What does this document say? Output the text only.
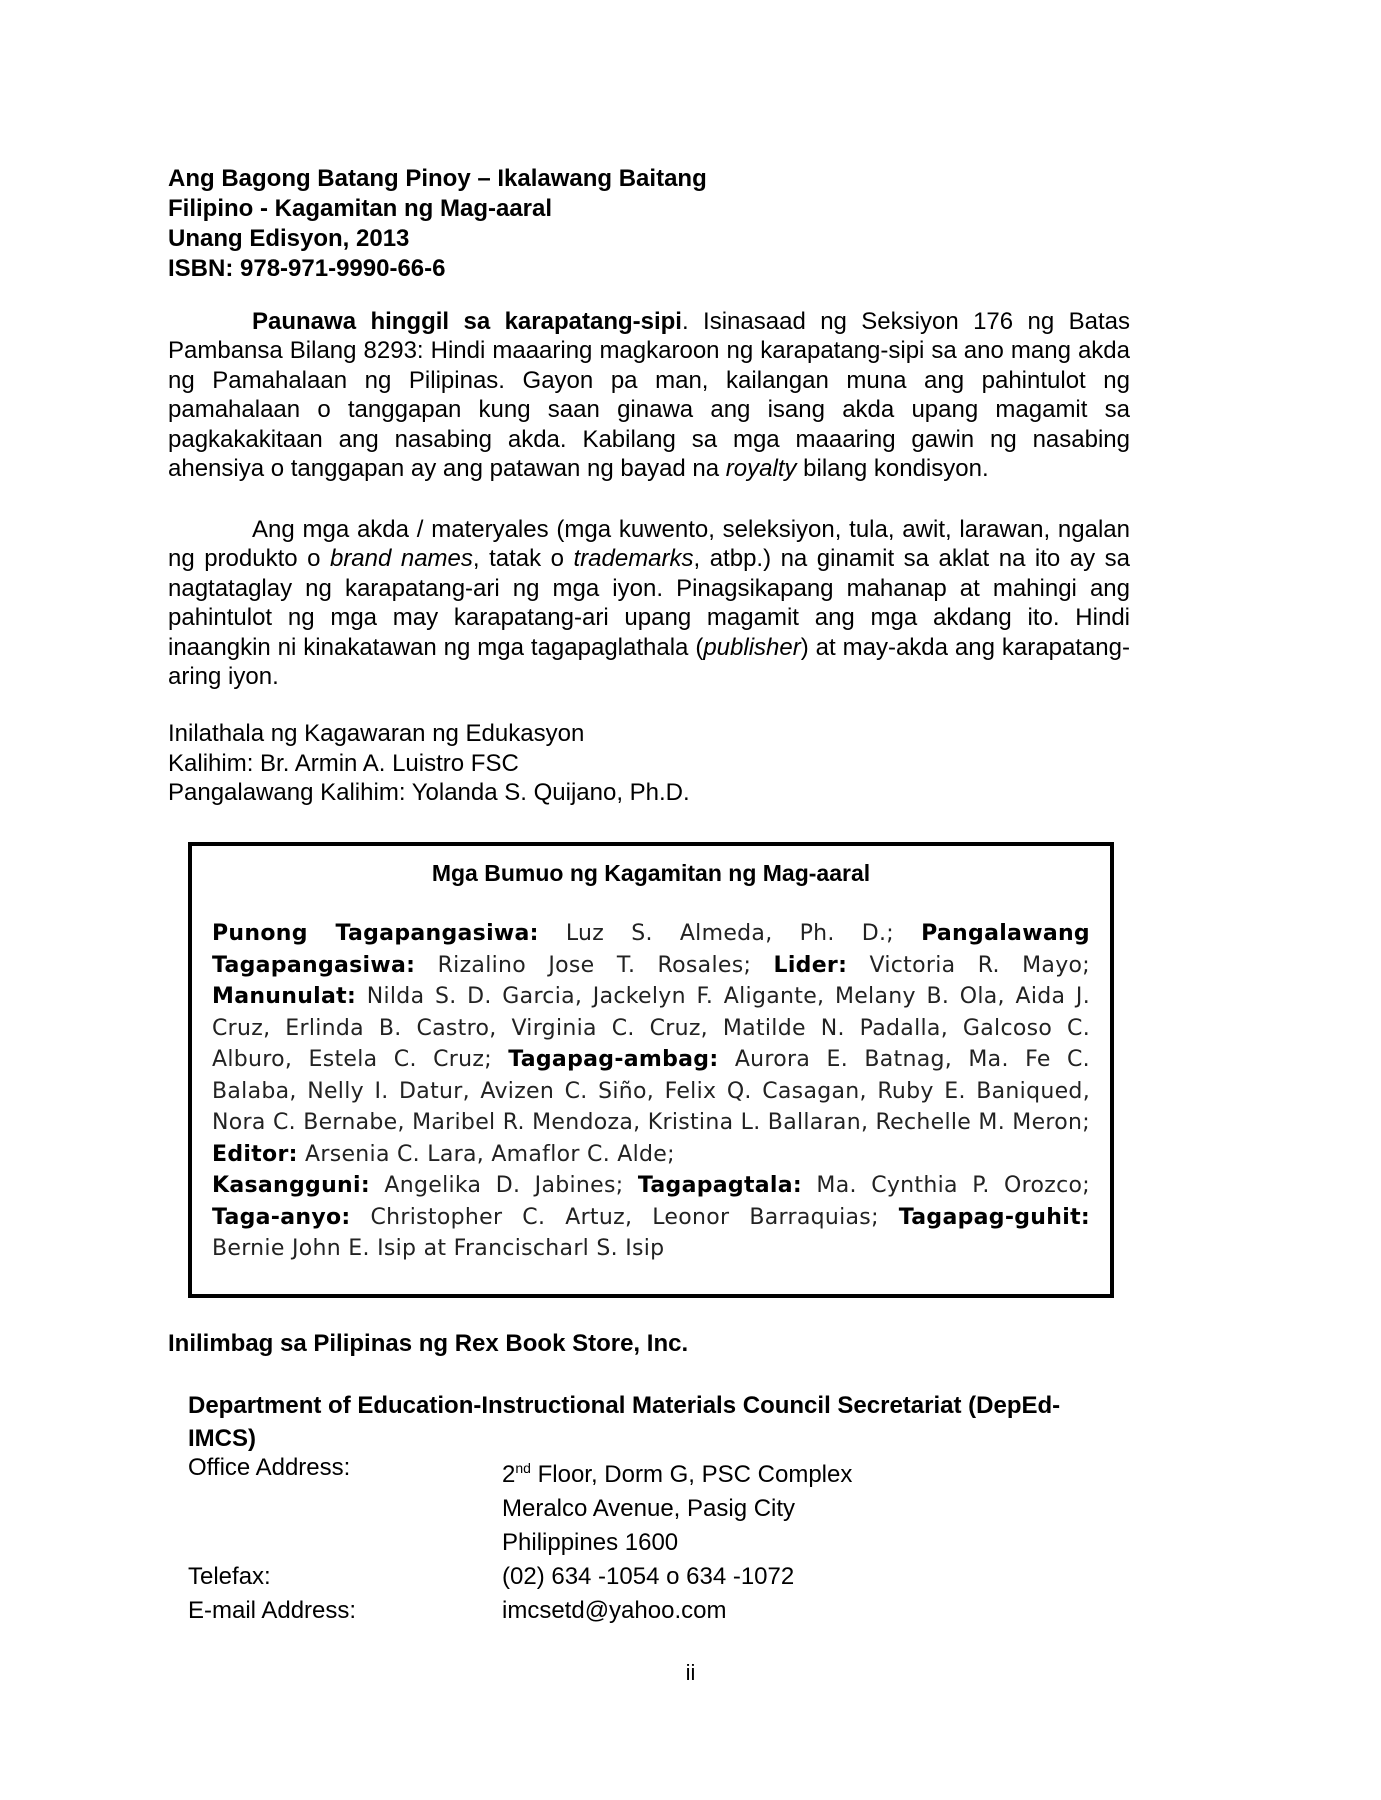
Ang Bagong Batang Pinoy – Ikalawang Baitang
Filipino - Kagamitan ng Mag-aaral
Unang Edisyon, 2013
ISBN: 978-971-9990-66-6
Paunawa hinggil sa karapatang-sipi. Isinasaad ng Seksiyon 176 ng Batas Pambansa Bilang 8293: Hindi maaaring magkaroon ng karapatang-sipi sa ano mang akda ng Pamahalaan ng Pilipinas. Gayon pa man, kailangan muna ang pahintulot ng pamahalaan o tanggapan kung saan ginawa ang isang akda upang magamit sa pagkakakitaan ang nasabing akda. Kabilang sa mga maaaring gawin ng nasabing ahensiya o tanggapan ay ang patawan ng bayad na royalty bilang kondisyon.
Ang mga akda / materyales (mga kuwento, seleksiyon, tula, awit, larawan, ngalan ng produkto o brand names, tatak o trademarks, atbp.) na ginamit sa aklat na ito ay sa nagtataglay ng karapatang-ari ng mga iyon. Pinagsikapang mahanap at mahingi ang pahintulot ng mga may karapatang-ari upang magamit ang mga akdang ito. Hindi inaangkin ni kinakatawan ng mga tagapaglathala (publisher) at may-akda ang karapatang-aring iyon.
Inilathala ng Kagawaran ng Edukasyon
Kalihim: Br. Armin A. Luistro FSC
Pangalawang Kalihim: Yolanda S. Quijano, Ph.D.
Mga Bumuo ng Kagamitan ng Mag-aaral
Punong Tagapangasiwa: Luz S. Almeda, Ph. D.; Pangalawang Tagapangasiwa: Rizalino Jose T. Rosales; Lider: Victoria R. Mayo; Manunulat: Nilda S. D. Garcia, Jackelyn F. Aligante, Melany B. Ola, Aida J. Cruz, Erlinda B. Castro, Virginia C. Cruz, Matilde N. Padalla, Galcoso C. Alburo, Estela C. Cruz; Tagapag-ambag: Aurora E. Batnag, Ma. Fe C. Balaba, Nelly I. Datur, Avizen C. Siño, Felix Q. Casagan, Ruby E. Baniqued, Nora C. Bernabe, Maribel R. Mendoza, Kristina L. Ballaran, Rechelle M. Meron; Editor: Arsenia C. Lara, Amaflor C. Alde;
Kasangguni: Angelika D. Jabines; Tagapagtala: Ma. Cynthia P. Orozco; Taga-anyo: Christopher C. Artuz, Leonor Barraquias; Tagapag-guhit: Bernie John E. Isip at Francischarl S. Isip
Inilimbag sa Pilipinas ng Rex Book Store, Inc.
Department of Education-Instructional Materials Council Secretariat (DepEd-IMCS)
Office Address:	2nd Floor, Dorm G, PSC Complex
Meralco Avenue, Pasig City
Philippines 1600
Telefax:	(02) 634 -1054 o 634 -1072
E-mail Address:	imcsetd@yahoo.com
ii
